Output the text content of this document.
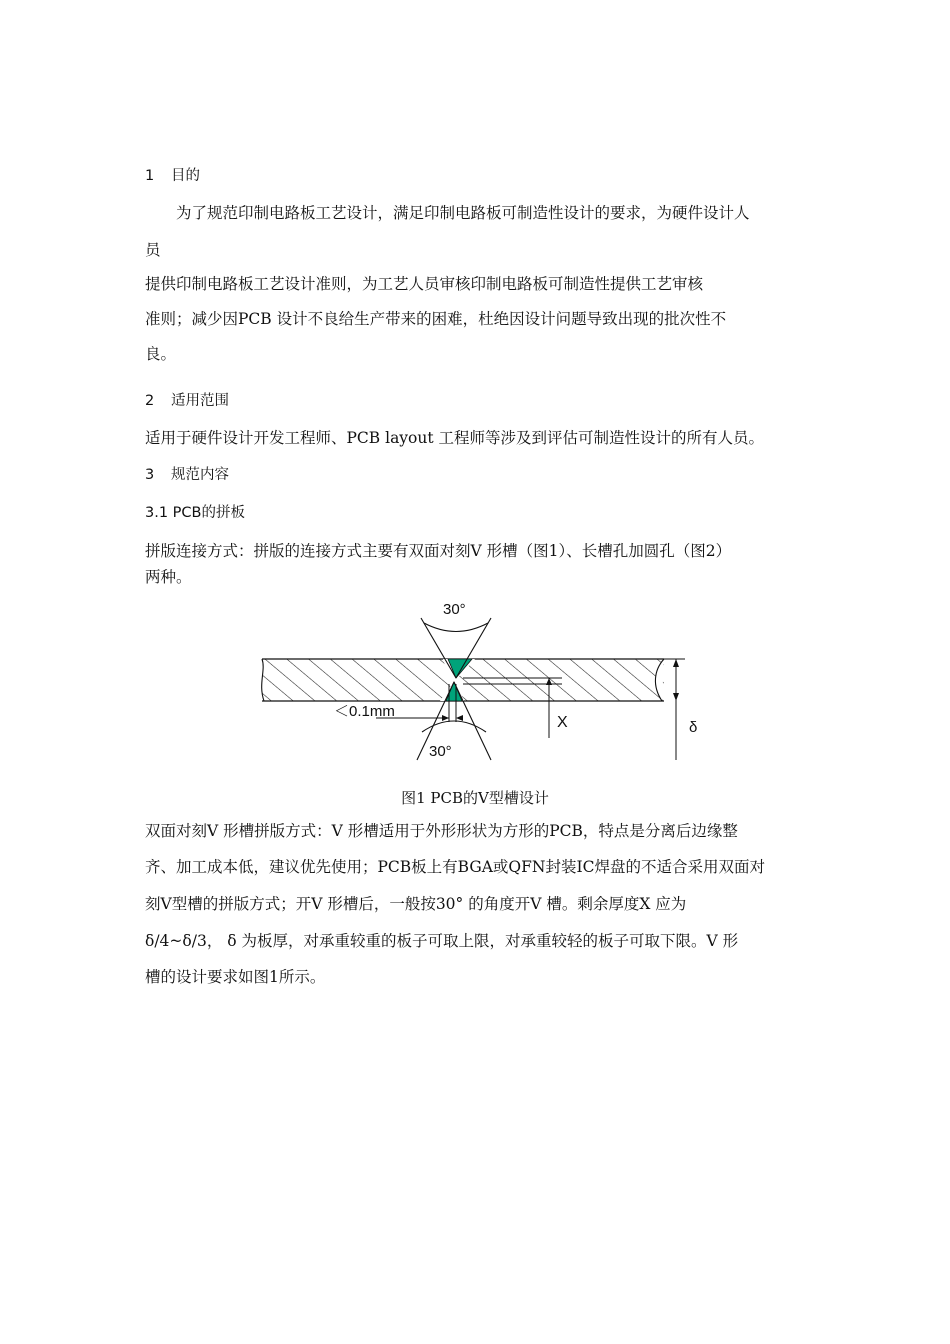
1 目的
　　为了规范印制电路板工艺设计，满足印制电路板可制造性设计的要求，为硬件设计人
员
提供印制电路板工艺设计准则，为工艺人员审核印制电路板可制造性提供工艺审核
准则；减少因PCB 设计不良给生产带来的困难，杜绝因设计问题导致出现的批次性不
良。
2 适用范围
适用于硬件设计开发工程师、PCB layout 工程师等涉及到评估可制造性设计的所有人员。
3 规范内容
3.1 PCB的拼板
拼版连接方式：拼版的连接方式主要有双面对刻V 形槽（图1）、长槽孔加圆孔（图2）
两种。
30°
30°
＜0.1mm
X	δ
图1 PCB的V型槽设计
双面对刻V 形槽拼版方式：V 形槽适用于外形形状为方形的PCB，特点是分离后边缘整
齐、加工成本低，建议优先使用；PCB板上有BGA或QFN封装IC焊盘的不适合采用双面对
刻V型槽的拼版方式；开V 形槽后，一般按30° 的角度开V 槽。剩余厚度X 应为
δ/4~δ/3， δ 为板厚，对承重较重的板子可取上限，对承重较轻的板子可取下限。V 形
槽的设计要求如图1所示。
